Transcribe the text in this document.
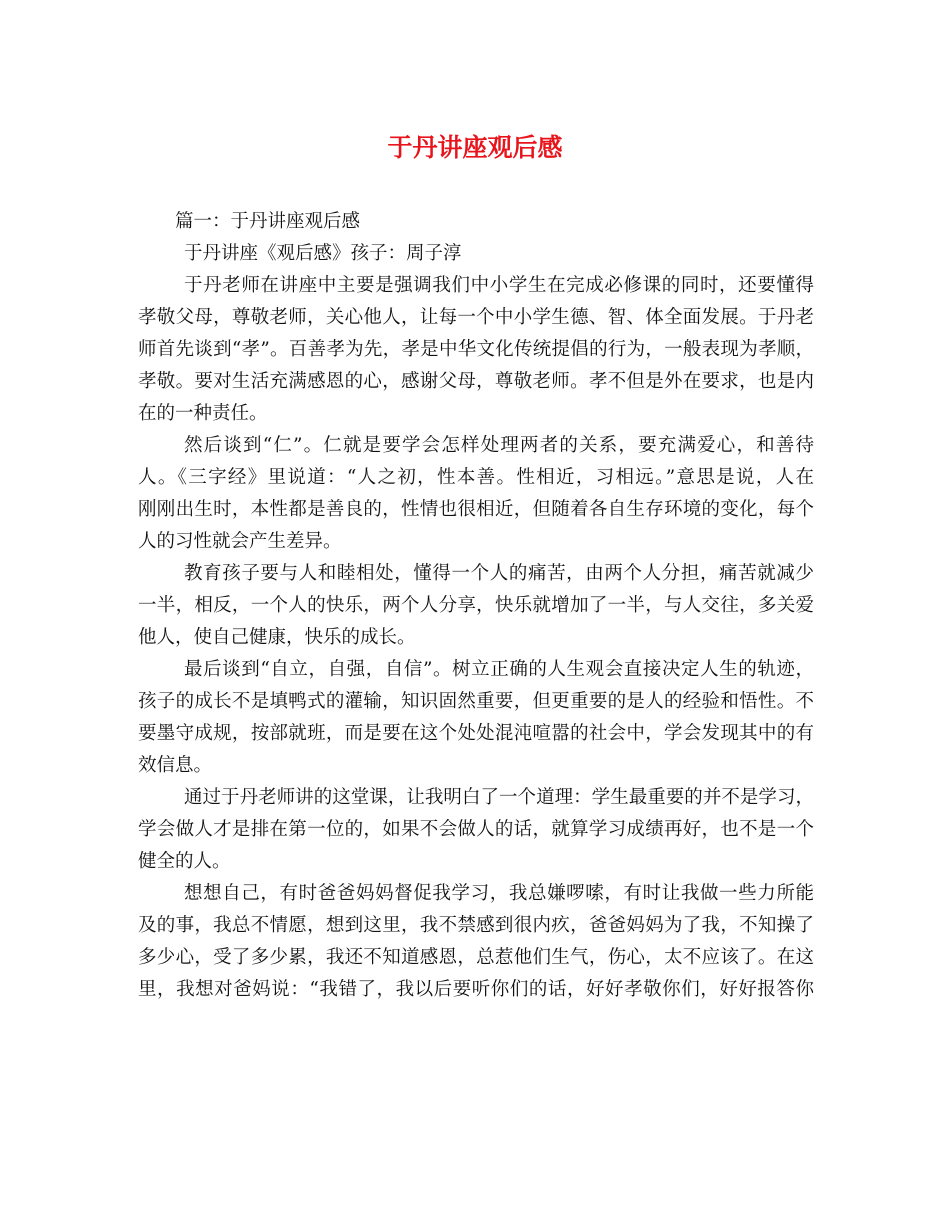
于丹讲座观后感
篇一：于丹讲座观后感
于丹讲座《观后感》孩子：周子淳
于丹老师在讲座中主要是强调我们中小学生在完成必修课的同时，还要懂得
孝敬父母，尊敬老师，关心他人，让每一个中小学生德、智、体全面发展。于丹老
师首先谈到“孝”。百善孝为先，孝是中华文化传统提倡的行为，一般表现为孝顺，
孝敬。要对生活充满感恩的心，感谢父母，尊敬老师。孝不但是外在要求，也是内
在的一种责任。
然后谈到“仁”。仁就是要学会怎样处理两者的关系，要充满爱心，和善待
人。《三字经》里说道：“人之初，性本善。性相近，习相远。”意思是说，人在
刚刚出生时，本性都是善良的，性情也很相近，但随着各自生存环境的变化，每个
人的习性就会产生差异。
教育孩子要与人和睦相处，懂得一个人的痛苦，由两个人分担，痛苦就减少
一半，相反，一个人的快乐，两个人分享，快乐就增加了一半，与人交往，多关爱
他人，使自己健康，快乐的成长。
最后谈到“自立，自强，自信”。树立正确的人生观会直接决定人生的轨迹，
孩子的成长不是填鸭式的灌输，知识固然重要，但更重要的是人的经验和悟性。不
要墨守成规，按部就班，而是要在这个处处混沌喧嚣的社会中，学会发现其中的有
效信息。
通过于丹老师讲的这堂课，让我明白了一个道理：学生最重要的并不是学习，
学会做人才是排在第一位的，如果不会做人的话，就算学习成绩再好，也不是一个
健全的人。
想想自己，有时爸爸妈妈督促我学习，我总嫌啰嗦，有时让我做一些力所能
及的事，我总不情愿，想到这里，我不禁感到很内疚，爸爸妈妈为了我，不知操了
多少心，受了多少累，我还不知道感恩，总惹他们生气，伤心，太不应该了。在这
里，我想对爸妈说：“我错了，我以后要听你们的话，好好孝敬你们，好好报答你
